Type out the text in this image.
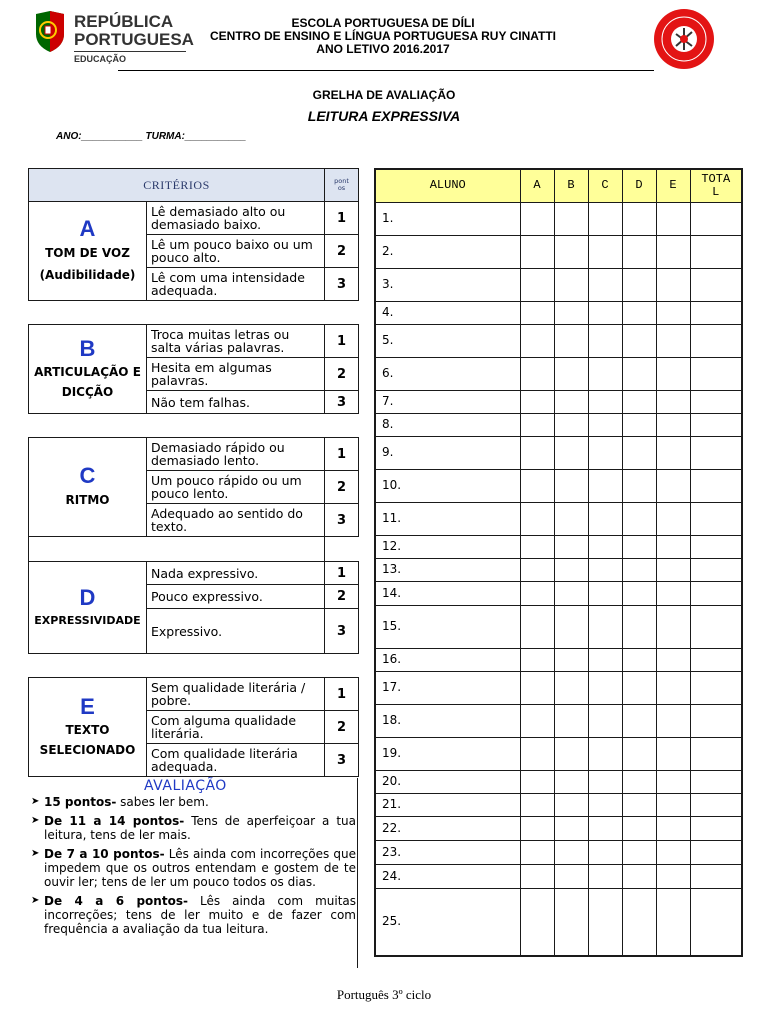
REPÚBLICA
PORTUGUESA
EDUCAÇÃO
ESCOLA PORTUGUESA DE DÍLI
CENTRO DE ENSINO E LÍNGUA PORTUGUESA RUY CINATTI
ANO LETIVO 2016.2017
GRELHA DE AVALIAÇÃO
LEITURA EXPRESSIVA
ANO:___________ TURMA:___________
CRITÉRIOS		pont
os

A
TOM DE VOZ (Audibilidade)	Lê demasiado alto ou demasiado baixo.	1
	Lê um pouco baixo ou um pouco alto.	2
	Lê com uma intensidade adequada.	3

B
ARTICULAÇÃO E DICÇÃO	Troca muitas letras ou salta várias palavras.	1
	Hesita em algumas palavras.	2
	Não tem falhas.	3

C
RITMO	Demasiado rápido ou demasiado lento.	1
	Um pouco rápido ou um pouco lento.	2
	Adequado ao sentido do texto.	3

D
EXPRESSIVIDADE	Nada expressivo.	1
	Pouco expressivo.	2
	Expressivo.	3

E
TEXTO SELECIONADO	Sem qualidade literária / pobre.	1
	Com alguma qualidade literária.	2
	Com qualidade literária adequada.	3
AVALIAÇÃO
➤ 15 pontos- sabes ler bem.
➤ De 11 a 14 pontos- Tens de aperfeiçoar a tua leitura, tens de ler mais.
➤ De 7 a 10 pontos- Lês ainda com incorreções que impedem que os outros entendam e gostem de te ouvir ler; tens de ler um pouco todos os dias.
➤ De 4 a 6 pontos- Lês ainda com muitas incorreções; tens de ler muito e de fazer com frequência a avaliação da tua leitura.
ALUNO	A	B	C	D	E	TOTA
L
1.						
2.						
3.						
4.						
5.						
6.						
7.						
8.						
9.						
10.						
11.						
12.						
13.						
14.						
15.						
16.						
17.						
18.						
19.						
20.						
21.						
22.						
23.						
24.						
25.						
Português 3º ciclo
